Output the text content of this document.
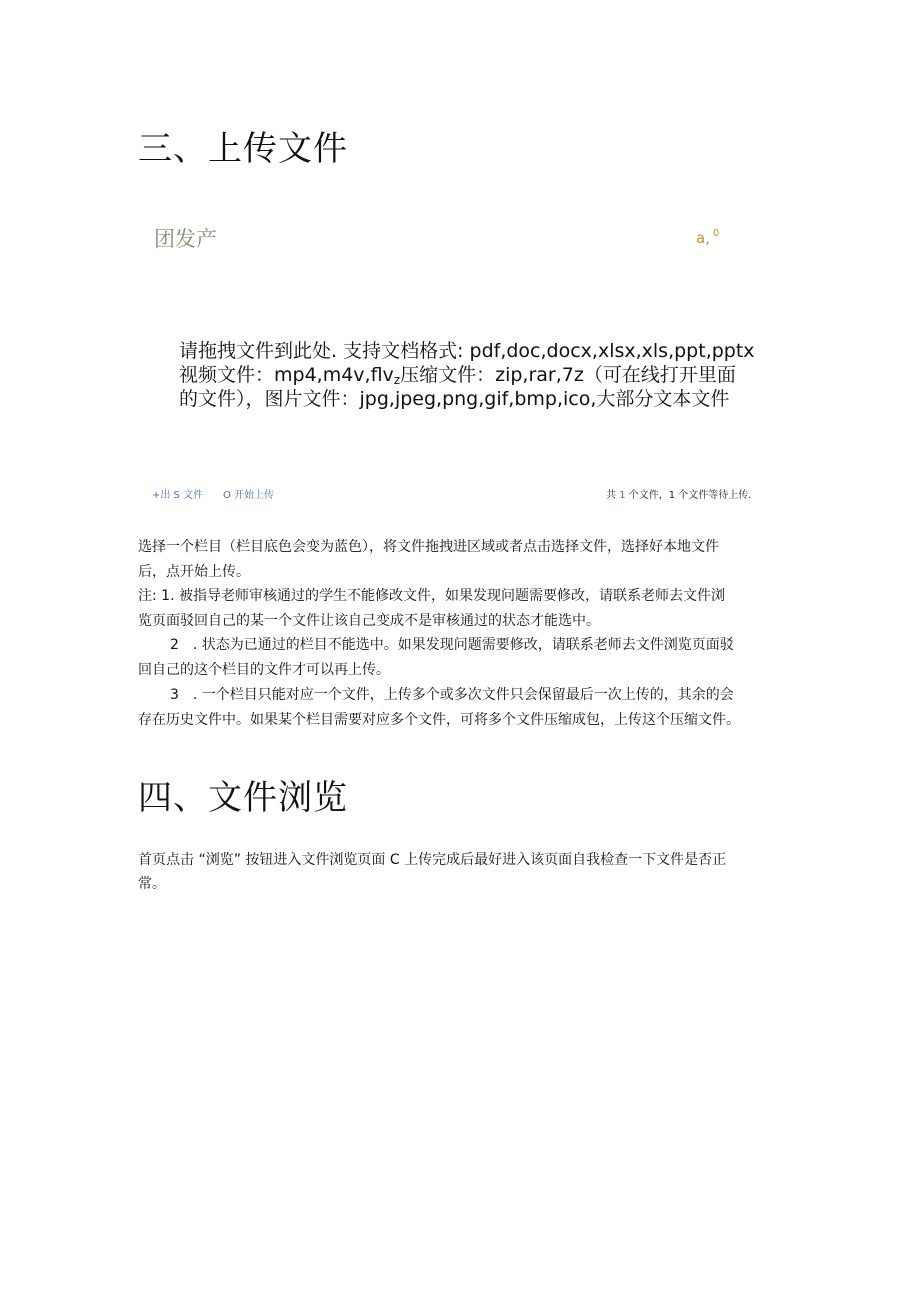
三、上传文件
团发产	a, $^0$
请拖拽文件到此处. 支持文档格式: pdf,doc,docx,xlsx,xls,ppt,pptx
视频文件：mp4,m4v,flv$_z$压缩文件：zip,rar,7z（可在线打开里面
的文件），图片文件：jpg,jpeg,png,gif,bmp,ico,大部分文本文件
+出 S 文件 O 开始上传	共 1 个文件，1 个文件等待上传.
选择一个栏目（栏目底色会变为蓝色），将文件拖拽进区域或者点击选择文件，选择好本地文件
后，点开始上传。
注: 1. 被指导老师审核通过的学生不能修改文件，如果发现问题需要修改，请联系老师去文件浏
览页面驳回自己的某一个文件让该自己变成不是审核通过的状态才能选中。
2　. 状态为已通过的栏目不能选中。如果发现问题需要修改，请联系老师去文件浏览页面驳
回自己的这个栏目的文件才可以再上传。
3　. 一个栏目只能对应一个文件，上传多个或多次文件只会保留最后一次上传的，其余的会
存在历史文件中。如果某个栏目需要对应多个文件，可将多个文件压缩成包，上传这个压缩文件。
四、文件浏览
首页点击 “浏览” 按钮进入文件浏览页面 C 上传完成后最好进入该页面自我检查一下文件是否正
常。
